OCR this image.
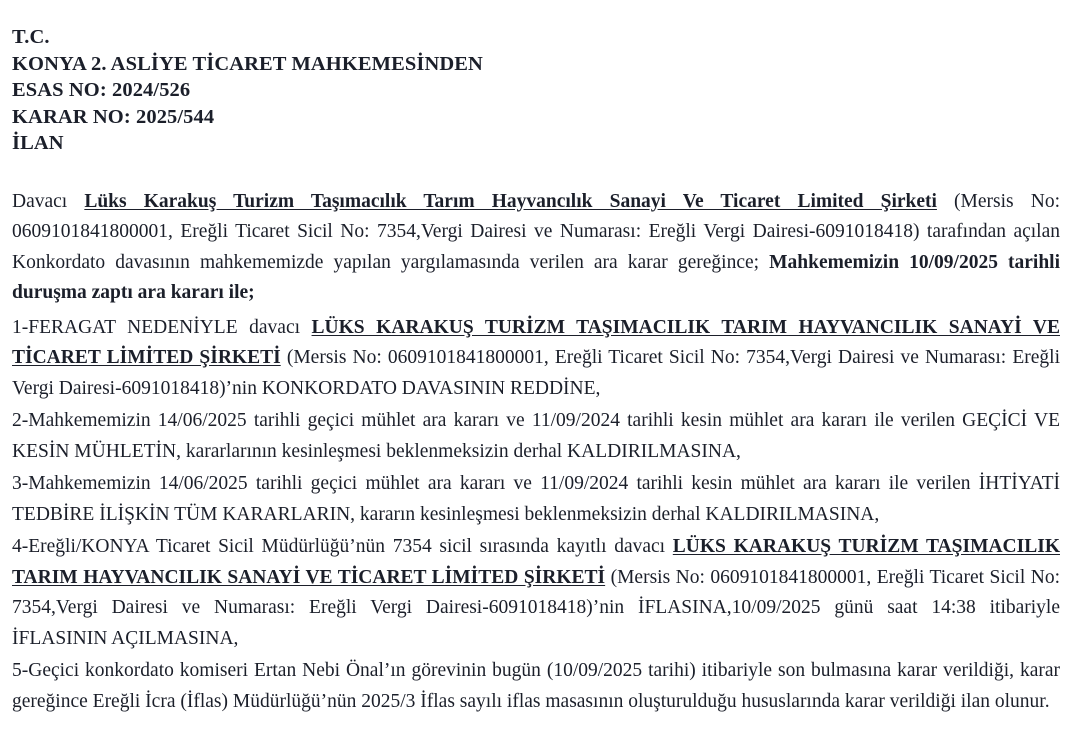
T.C.
KONYA 2. ASLİYE TİCARET MAHKEMESİNDEN
ESAS NO: 2024/526
KARAR NO: 2025/544
İLAN

Davacı Lüks Karakuş Turizm Taşımacılık Tarım Hayvancılık Sanayi Ve Ticaret Limited Şirketi (Mersis No: 0609101841800001, Ereğli Ticaret Sicil No: 7354,Vergi Dairesi ve Numarası: Ereğli Vergi Dairesi-6091018418) tarafından açılan Konkordato davasının mahkememizde yapılan yargılamasında verilen ara karar gereğince; Mahkememizin 10/09/2025 tarihli duruşma zaptı ara kararı ile;

1-FERAGAT NEDENİYLE davacı LÜKS KARAKUŞ TURİZM TAŞIMACILIK TARIM HAYVANCILIK SANAYİ VE TİCARET LİMİTED ŞİRKETİ (Mersis No: 0609101841800001, Ereğli Ticaret Sicil No: 7354,Vergi Dairesi ve Numarası: Ereğli Vergi Dairesi-6091018418)’nin KONKORDATO DAVASININ REDDİNE,

2-Mahkememizin 14/06/2025 tarihli geçici mühlet ara kararı ve 11/09/2024 tarihli kesin mühlet ara kararı ile verilen GEÇİCİ VE KESİN MÜHLETİN, kararlarının kesinleşmesi beklenmeksizin derhal KALDIRILMASINA,

3-Mahkememizin 14/06/2025 tarihli geçici mühlet ara kararı ve 11/09/2024 tarihli kesin mühlet ara kararı ile verilen İHTİYATİ TEDBİRE İLİŞKİN TÜM KARARLARIN, kararın kesinleşmesi beklenmeksizin derhal KALDIRILMASINA,

4-Ereğli/KONYA Ticaret Sicil Müdürlüğü’nün 7354 sicil sırasında kayıtlı davacı LÜKS KARAKUŞ TURİZM TAŞIMACILIK TARIM HAYVANCILIK SANAYİ VE TİCARET LİMİTED ŞİRKETİ (Mersis No: 0609101841800001, Ereğli Ticaret Sicil No: 7354,Vergi Dairesi ve Numarası: Ereğli Vergi Dairesi-6091018418)’nin İFLASINA,10/09/2025 günü saat 14:38 itibariyle İFLASININ AÇILMASINA,

5-Geçici konkordato komiseri Ertan Nebi Önal’ın görevinin bugün (10/09/2025 tarihi) itibariyle son bulmasına karar verildiği, karar gereğince Ereğli İcra (İflas) Müdürlüğü’nün 2025/3 İflas sayılı iflas masasının oluşturulduğu hususlarında karar verildiği ilan olunur.
